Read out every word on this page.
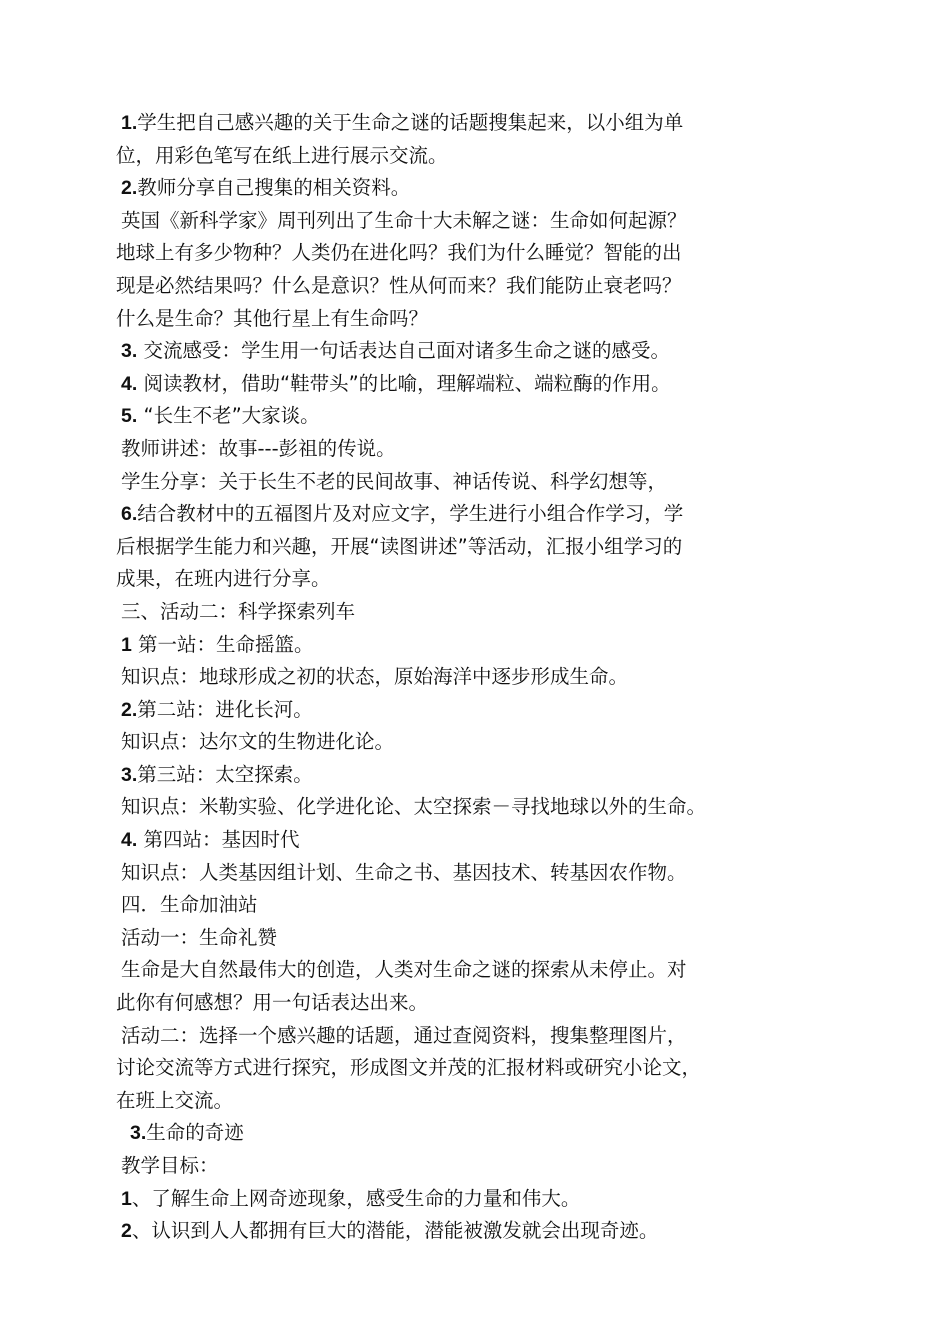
1.学生把自己感兴趣的关于生命之谜的话题搜集起来，以小组为单
位，用彩色笔写在纸上进行展示交流。
2.教师分享自己搜集的相关资料。
英国《新科学家》周刊列出了生命十大未解之谜：生命如何起源？
地球上有多少物种？人类仍在进化吗？我们为什么睡觉？智能的出
现是必然结果吗？什么是意识？性从何而来？我们能防止衰老吗？
什么是生命？其他行星上有生命吗？
3. 交流感受：学生用一句话表达自己面对诸多生命之谜的感受。
4. 阅读教材，借助“鞋带头”的比喻，理解端粒、端粒酶的作用。
5. “长生不老”大家谈。
教师讲述：故事---彭祖的传说。
学生分享：关于长生不老的民间故事、神话传说、科学幻想等，
6.结合教材中的五福图片及对应文字，学生进行小组合作学习，学
后根据学生能力和兴趣，开展“读图讲述”等活动，汇报小组学习的
成果，在班内进行分享。
三、活动二：科学探索列车
1 第一站：生命摇篮。
知识点：地球形成之初的状态，原始海洋中逐步形成生命。
2.第二站：进化长河。
知识点：达尔文的生物进化论。
3.第三站：太空探索。
知识点：米勒实验、化学进化论、太空探索－寻找地球以外的生命。
4. 第四站：基因时代
知识点：人类基因组计划、生命之书、基因技术、转基因农作物。
四．生命加油站
活动一：生命礼赞
生命是大自然最伟大的创造，人类对生命之谜的探索从未停止。对
此你有何感想？用一句话表达出来。
活动二：选择一个感兴趣的话题，通过查阅资料，搜集整理图片，
讨论交流等方式进行探究，形成图文并茂的汇报材料或研究小论文，
在班上交流。
3.生命的奇迹
教学目标：
1、了解生命上网奇迹现象，感受生命的力量和伟大。
2、认识到人人都拥有巨大的潜能，潜能被激发就会出现奇迹。
